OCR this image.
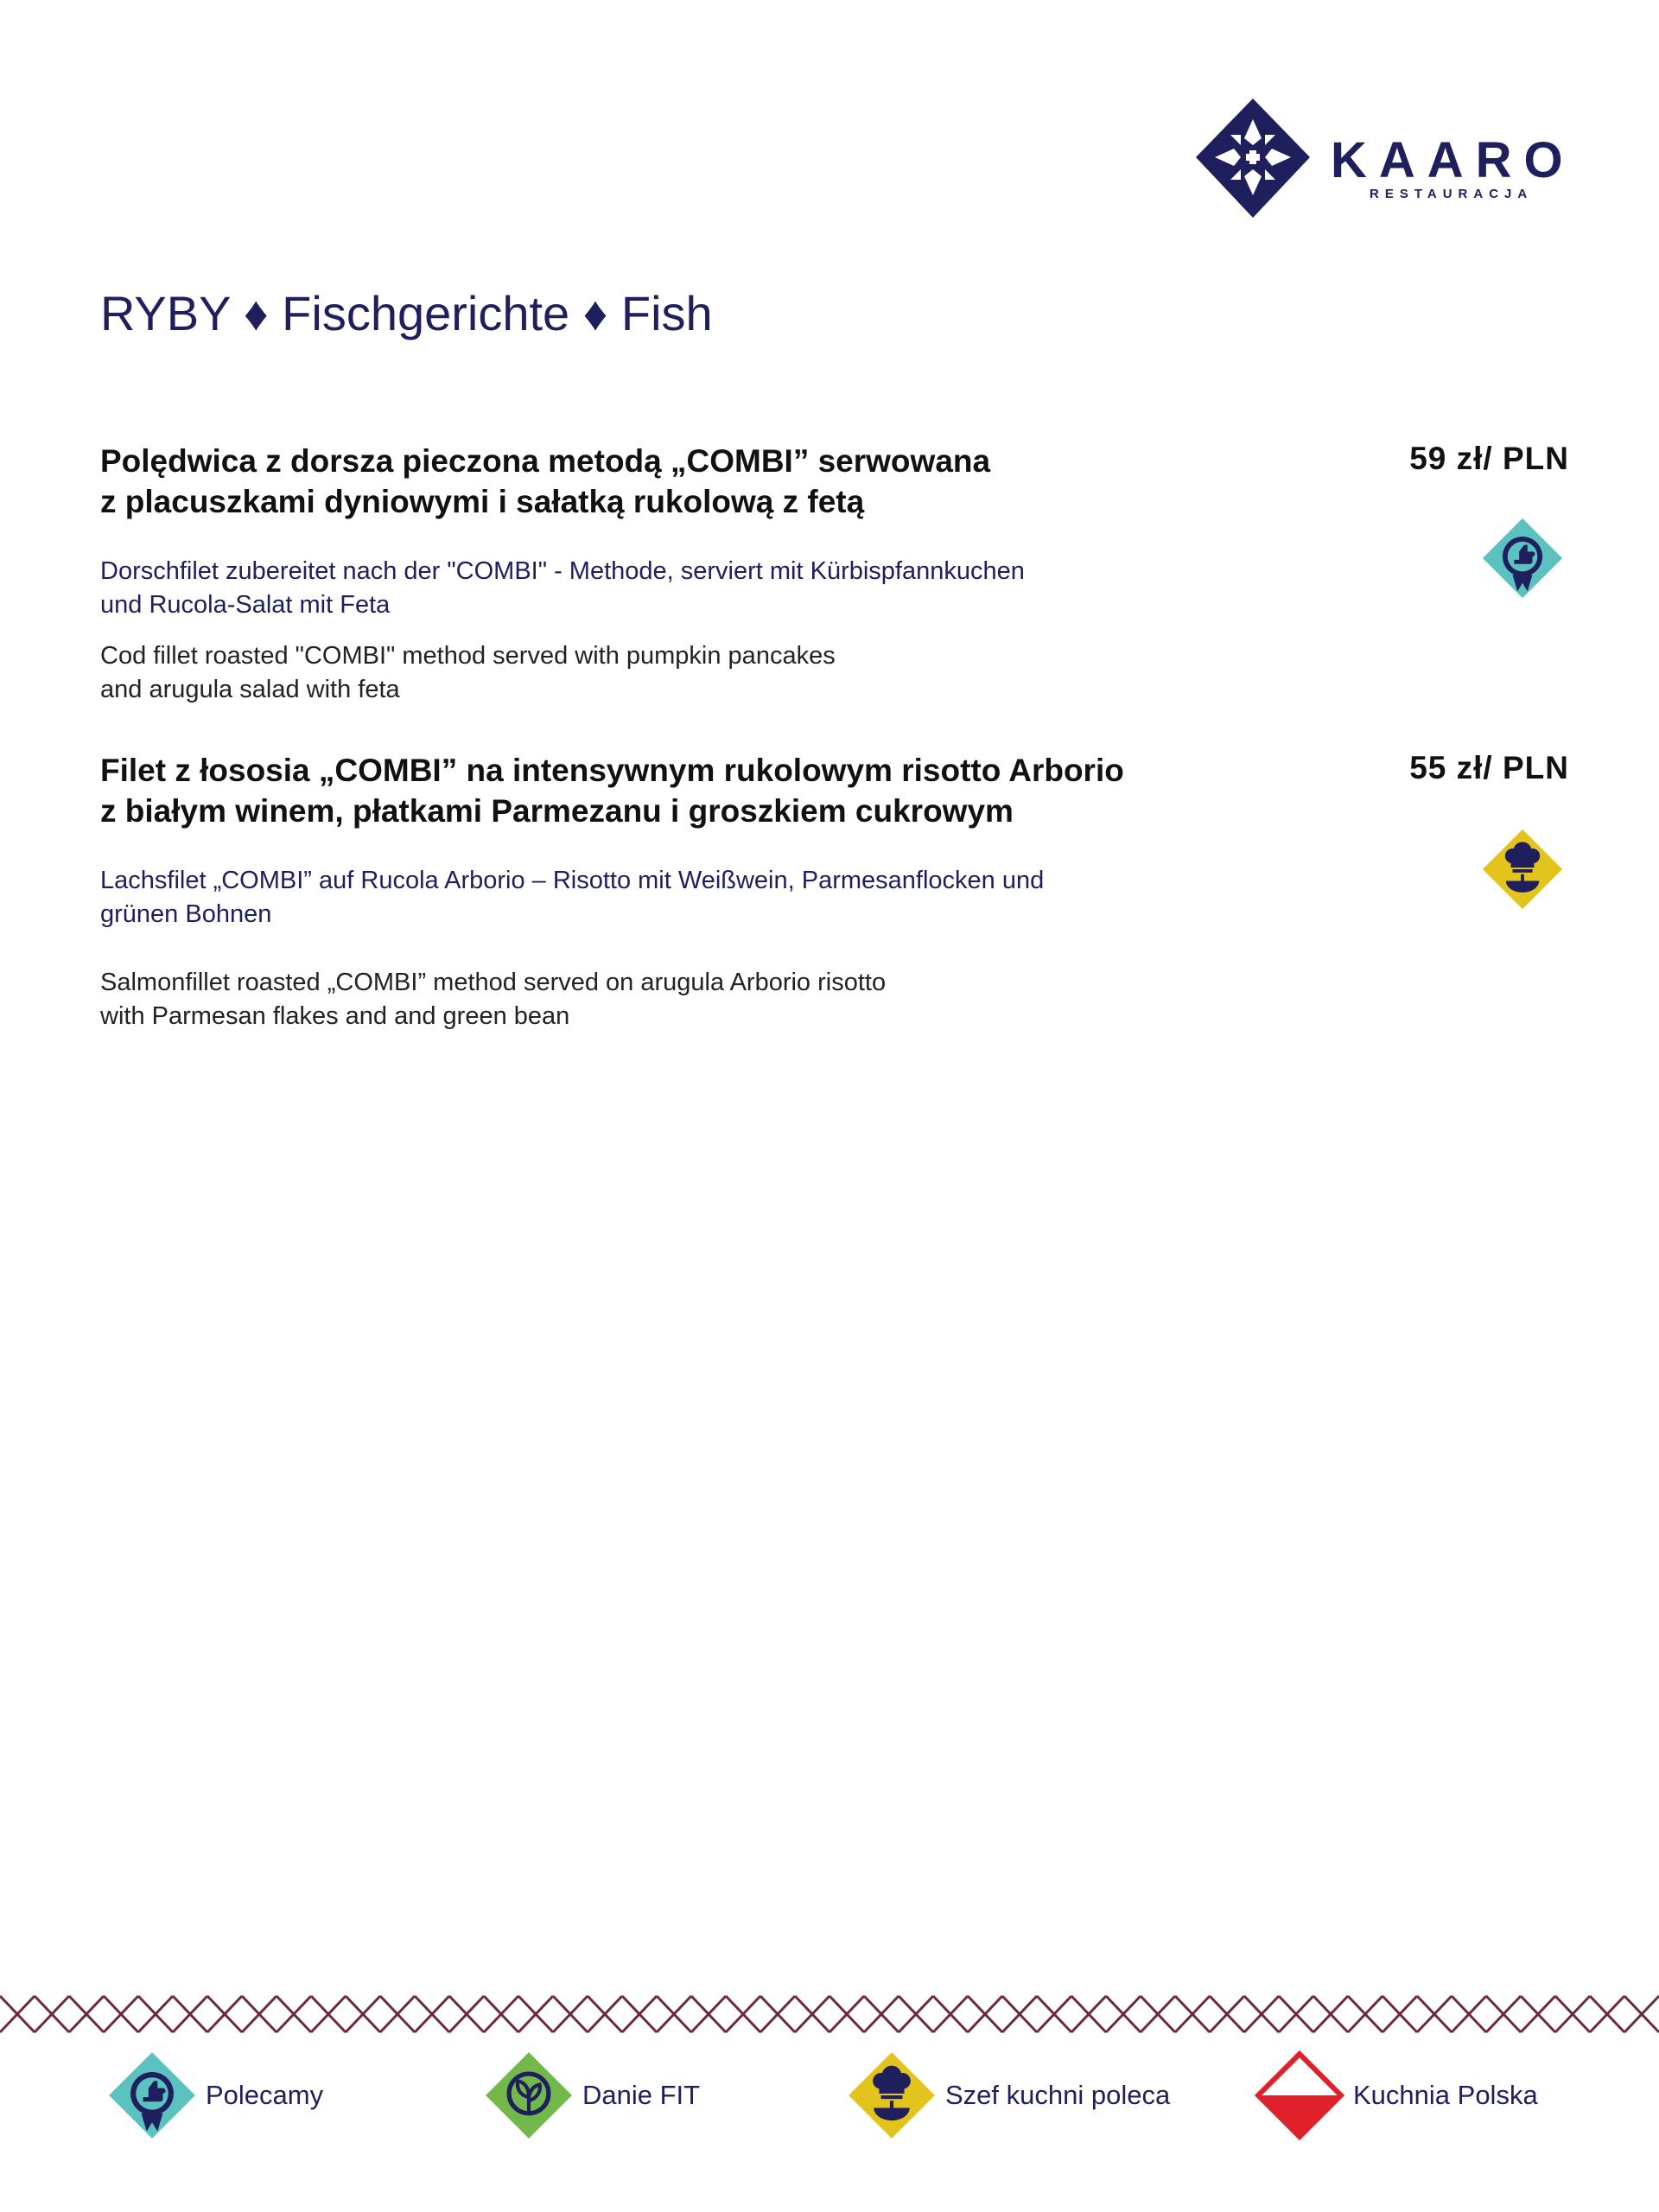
KAARO
RESTAURACJA
RYBY ♦ Fischgerichte ♦ Fish
Polędwica z dorsza pieczona metodą „COMBI” serwowana
z placuszkami dyniowymi i sałatką rukolową z fetą
59 zł/ PLN
Dorschfilet zubereitet nach der "COMBI" - Methode, serviert mit Kürbispfannkuchen
und Rucola-Salat mit Feta
Cod fillet roasted "COMBI" method served with pumpkin pancakes
and arugula salad with feta
Filet z łososia „COMBI” na intensywnym rukolowym risotto Arborio
z białym winem, płatkami Parmezanu i groszkiem cukrowym
55 zł/ PLN
Lachsfilet „COMBI” auf Rucola Arborio – Risotto mit Weißwein, Parmesanflocken und
grünen Bohnen
Salmonfillet roasted „COMBI” method served on arugula Arborio risotto
with Parmesan flakes and and green bean
Polecamy	Danie FIT	Szef kuchni poleca	Kuchnia Polska
